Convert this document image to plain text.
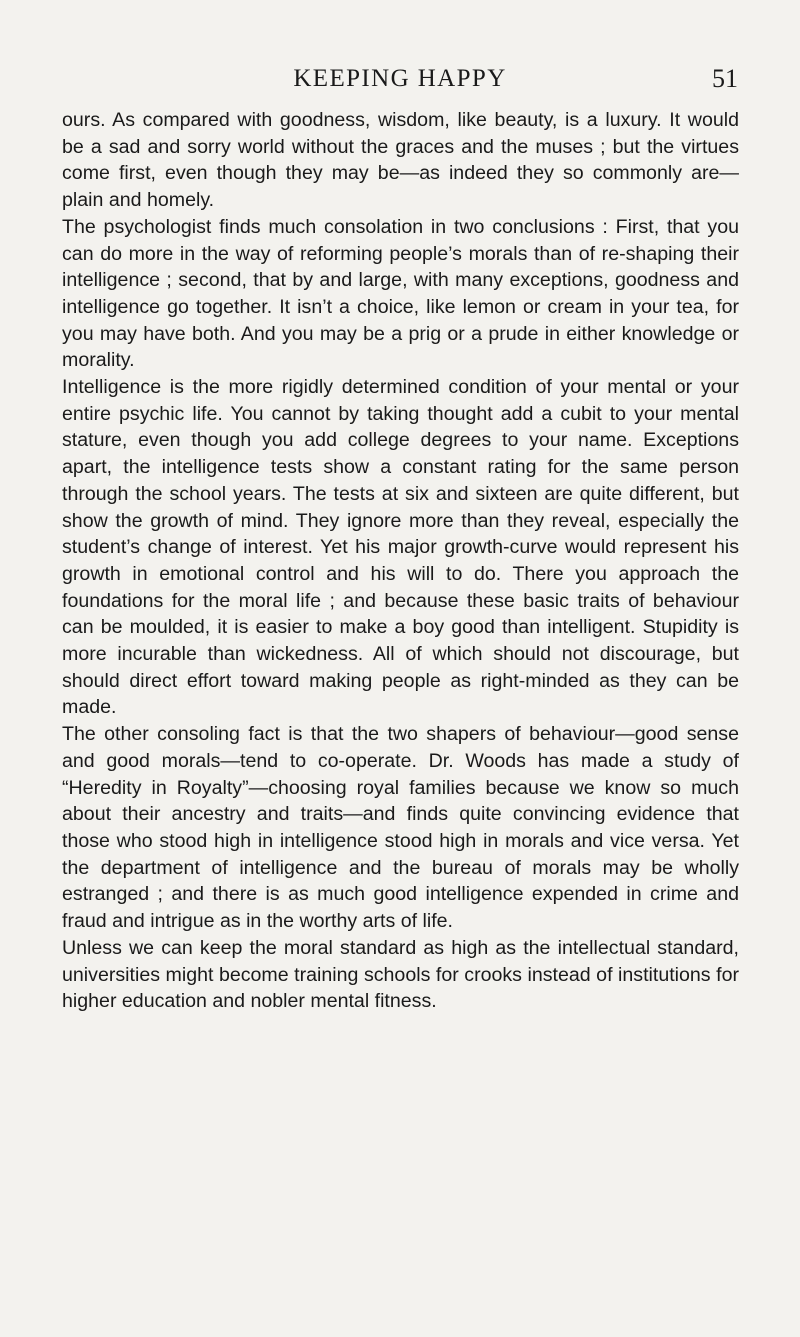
KEEPING HAPPY	51

ours. As compared with goodness, wisdom, like beauty, is a luxury. It would be a sad and sorry world without the graces and the muses ; but the virtues come first, even though they may be—as indeed they so commonly are—plain and homely.

The psychologist finds much consolation in two conclusions : First, that you can do more in the way of reforming people’s morals than of re-shaping their intelligence ; second, that by and large, with many exceptions, goodness and intelligence go together. It isn’t a choice, like lemon or cream in your tea, for you may have both. And you may be a prig or a prude in either knowledge or morality.

Intelligence is the more rigidly determined condition of your mental or your entire psychic life. You cannot by taking thought add a cubit to your mental stature, even though you add college degrees to your name. Exceptions apart, the intelligence tests show a constant rating for the same person through the school years. The tests at six and sixteen are quite different, but show the growth of mind. They ignore more than they reveal, especially the student’s change of interest. Yet his major growth-curve would represent his growth in emotional control and his will to do. There you approach the foundations for the moral life ; and because these basic traits of behaviour can be moulded, it is easier to make a boy good than intelligent. Stupidity is more incurable than wickedness. All of which should not discourage, but should direct effort toward making people as right-minded as they can be made.

The other consoling fact is that the two shapers of behaviour—good sense and good morals—tend to co-operate. Dr. Woods has made a study of “Heredity in Royalty”—choosing royal families because we know so much about their ancestry and traits—and finds quite convincing evidence that those who stood high in intelligence stood high in morals and vice versa. Yet the department of intelligence and the bureau of morals may be wholly estranged ; and there is as much good intelligence expended in crime and fraud and intrigue as in the worthy arts of life.

Unless we can keep the moral standard as high as the intellectual standard, universities might become training schools for crooks instead of institutions for higher education and nobler mental fitness.
